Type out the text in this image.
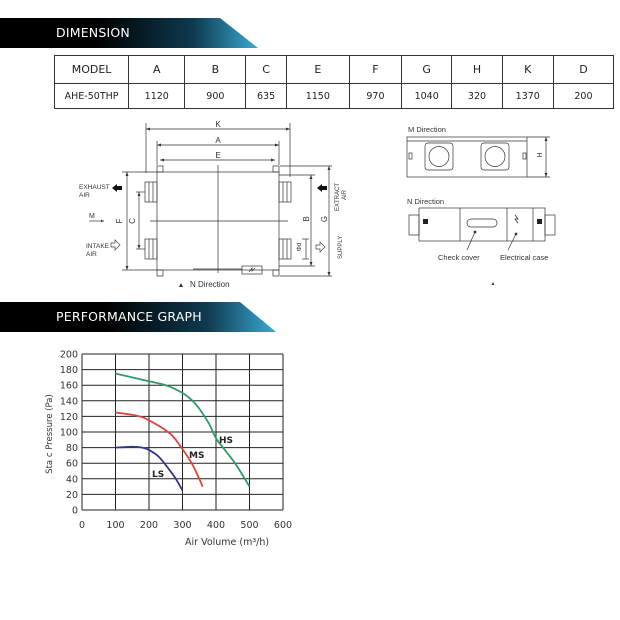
DIMENSION
MODEL	A	B	C	E	F	G	H	K	D
AHE-50THP	1120	900	635	1150	970	1040	320	1370	200
K
A
E
F C	B G
Φd
EXHAUST
AIR
M
INTAKE
AIR
EXTRACT AIR
SUPPLY
N Direction
M Direction
H
N Direction
Check cover	Electrical case
PERFORMANCE GRAPH
0
20
40
60
80
100
120
140
160
180
200
0 100 200 300 400 500 600
Air Volume (m³/h)
Sta c Pressure (Pa)	HS
MS
LS
